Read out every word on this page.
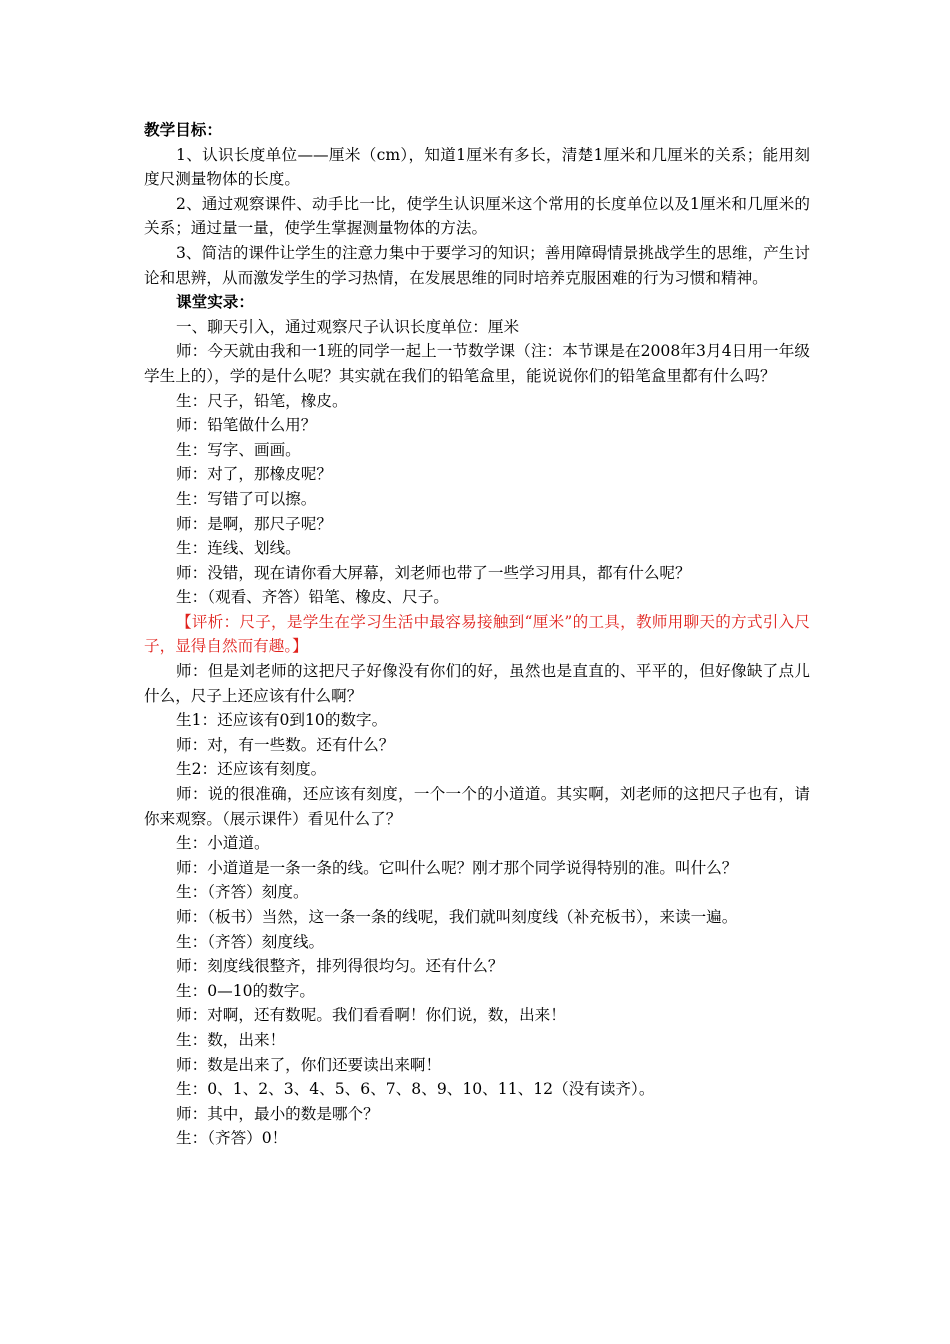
教学目标：

1、认识长度单位——厘米（cm），知道1厘米有多长，清楚1厘米和几厘米的关系；能用刻度尺测量物体的长度。

2、通过观察课件、动手比一比，使学生认识厘米这个常用的长度单位以及1厘米和几厘米的关系；通过量一量，使学生掌握测量物体的方法。

3、简洁的课件让学生的注意力集中于要学习的知识；善用障碍情景挑战学生的思维，产生讨论和思辨，从而激发学生的学习热情，在发展思维的同时培养克服困难的行为习惯和精神。

课堂实录：

一、聊天引入，通过观察尺子认识长度单位：厘米

师：今天就由我和一1班的同学一起上一节数学课（注：本节课是在2008年3月4日用一年级学生上的），学的是什么呢？其实就在我们的铅笔盒里，能说说你们的铅笔盒里都有什么吗？

生：尺子，铅笔，橡皮。

师：铅笔做什么用？

生：写字、画画。

师：对了，那橡皮呢？

生：写错了可以擦。

师：是啊，那尺子呢？

生：连线、划线。

师：没错，现在请你看大屏幕，刘老师也带了一些学习用具，都有什么呢？

生：（观看、齐答）铅笔、橡皮、尺子。

【评析：尺子，是学生在学习生活中最容易接触到“厘米”的工具，教师用聊天的方式引入尺子，显得自然而有趣。】

师：但是刘老师的这把尺子好像没有你们的好，虽然也是直直的、平平的，但好像缺了点儿什么，尺子上还应该有什么啊？

生1：还应该有0到10的数字。

师：对，有一些数。还有什么？

生2：还应该有刻度。

师：说的很准确，还应该有刻度，一个一个的小道道。其实啊，刘老师的这把尺子也有，请你来观察。（展示课件）看见什么了？

生：小道道。

师：小道道是一条一条的线。它叫什么呢？刚才那个同学说得特别的准。叫什么？

生：（齐答）刻度。

师：（板书）当然，这一条一条的线呢，我们就叫刻度线（补充板书），来读一遍。

生：（齐答）刻度线。

师：刻度线很整齐，排列得很均匀。还有什么？

生：0—10的数字。

师：对啊，还有数呢。我们看看啊！你们说，数，出来！

生：数，出来！

师：数是出来了，你们还要读出来啊！

生：0、1、2、3、4、5、6、7、8、9、10、11、12（没有读齐）。

师：其中，最小的数是哪个？

生：（齐答）0！
